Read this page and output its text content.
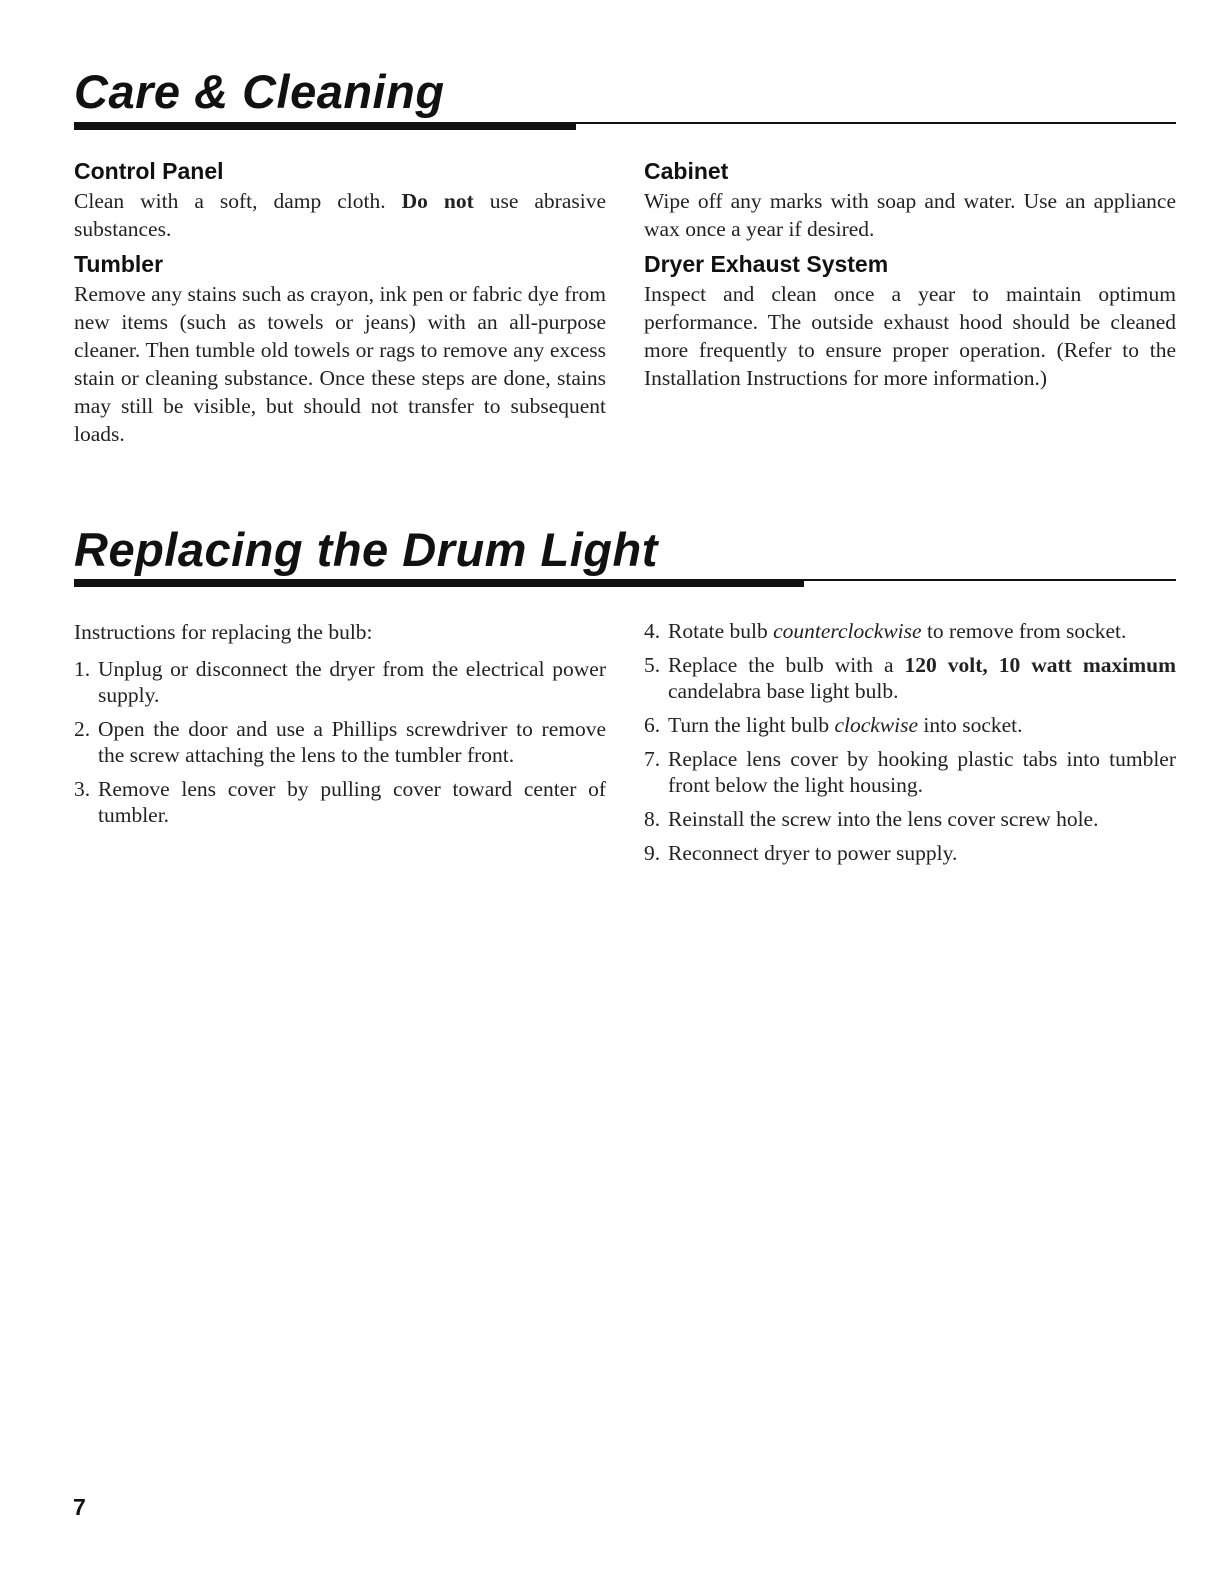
Care & Cleaning
Control Panel

Clean with a soft, damp cloth. Do not use abrasive substances.

Tumbler

Remove any stains such as crayon, ink pen or fabric dye from new items (such as towels or jeans) with an all-purpose cleaner. Then tumble old towels or rags to remove any excess stain or cleaning substance. Once these steps are done, stains may still be visible, but should not transfer to subsequent loads.

Cabinet

Wipe off any marks with soap and water. Use an appliance wax once a year if desired.

Dryer Exhaust System

Inspect and clean once a year to maintain optimum performance. The outside exhaust hood should be cleaned more frequently to ensure proper operation. (Refer to the Installation Instructions for more information.)

Replacing the Drum Light

Instructions for replacing the bulb:

1. Unplug or disconnect the dryer from the electrical power supply.
2. Open the door and use a Phillips screwdriver to remove the screw attaching the lens to the tumbler front.
3. Remove lens cover by pulling cover toward center of tumbler.
4. Rotate bulb counterclockwise to remove from socket.
5. Replace the bulb with a 120 volt, 10 watt maximum candelabra base light bulb.
6. Turn the light bulb clockwise into socket.
7. Replace lens cover by hooking plastic tabs into tumbler front below the light housing.
8. Reinstall the screw into the lens cover screw hole.
9. Reconnect dryer to power supply.
7
